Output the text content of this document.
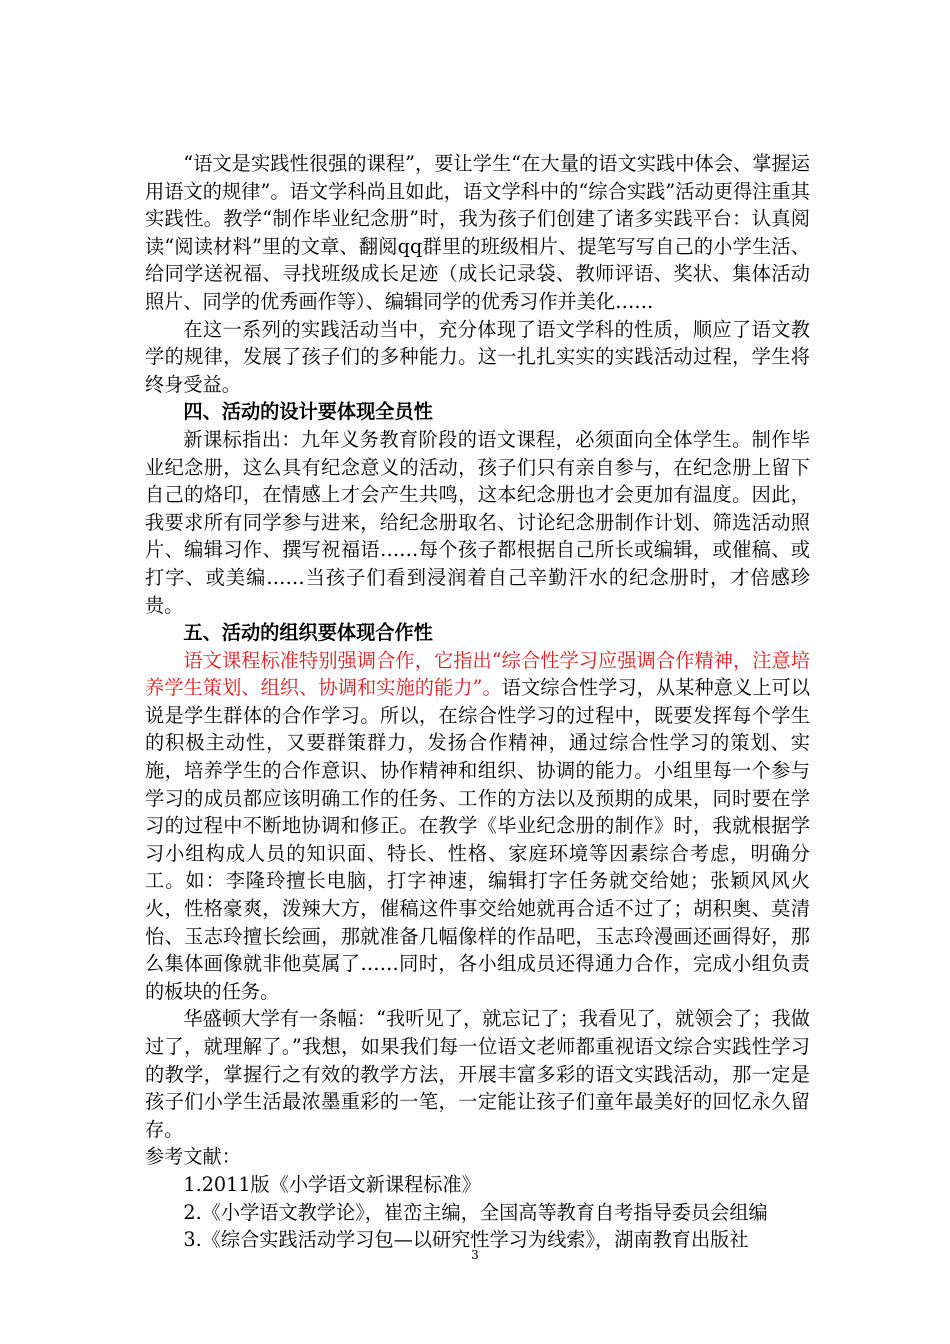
“语文是实践性很强的课程”，要让学生“在大量的语文实践中体会、掌握运用语文的规律”。语文学科尚且如此，语文学科中的“综合实践”活动更得注重其实践性。教学“制作毕业纪念册”时，我为孩子们创建了诸多实践平台：认真阅读“阅读材料”里的文章、翻阅qq群里的班级相片、提笔写写自己的小学生活、给同学送祝福、寻找班级成长足迹（成长记录袋、教师评语、奖状、集体活动照片、同学的优秀画作等）、编辑同学的优秀习作并美化……

在这一系列的实践活动当中，充分体现了语文学科的性质，顺应了语文教学的规律，发展了孩子们的多种能力。这一扎扎实实的实践活动过程，学生将终身受益。

四、活动的设计要体现全员性

新课标指出：九年义务教育阶段的语文课程，必须面向全体学生。制作毕业纪念册，这么具有纪念意义的活动，孩子们只有亲自参与，在纪念册上留下自己的烙印，在情感上才会产生共鸣，这本纪念册也才会更加有温度。因此，我要求所有同学参与进来，给纪念册取名、讨论纪念册制作计划、筛选活动照片、编辑习作、撰写祝福语……每个孩子都根据自己所长或编辑，或催稿、或打字、或美编……当孩子们看到浸润着自己辛勤汗水的纪念册时，才倍感珍贵。

五、活动的组织要体现合作性

语文课程标准特别强调合作，它指出“综合性学习应强调合作精神，注意培养学生策划、组织、协调和实施的能力”。语文综合性学习，从某种意义上可以说是学生群体的合作学习。所以，在综合性学习的过程中，既要发挥每个学生的积极主动性，又要群策群力，发扬合作精神，通过综合性学习的策划、实施，培养学生的合作意识、协作精神和组织、协调的能力。小组里每一个参与学习的成员都应该明确工作的任务、工作的方法以及预期的成果，同时要在学习的过程中不断地协调和修正。在教学《毕业纪念册的制作》时，我就根据学习小组构成人员的知识面、特长、性格、家庭环境等因素综合考虑，明确分工。如：李隆玲擅长电脑，打字神速，编辑打字任务就交给她；张颖风风火火，性格豪爽，泼辣大方，催稿这件事交给她就再合适不过了；胡积奥、莫清怡、玉志玲擅长绘画，那就准备几幅像样的作品吧，玉志玲漫画还画得好，那么集体画像就非他莫属了……同时，各小组成员还得通力合作，完成小组负责的板块的任务。

华盛顿大学有一条幅：“我听见了，就忘记了；我看见了，就领会了；我做过了，就理解了。”我想，如果我们每一位语文老师都重视语文综合实践性学习的教学，掌握行之有效的教学方法，开展丰富多彩的语文实践活动，那一定是孩子们小学生活最浓墨重彩的一笔，一定能让孩子们童年最美好的回忆永久留存。

参考文献：

1.2011版《小学语文新课程标准》

2.《小学语文教学论》，崔峦主编，全国高等教育自考指导委员会组编

3.《综合实践活动学习包—以研究性学习为线索》，湖南教育出版社

3
